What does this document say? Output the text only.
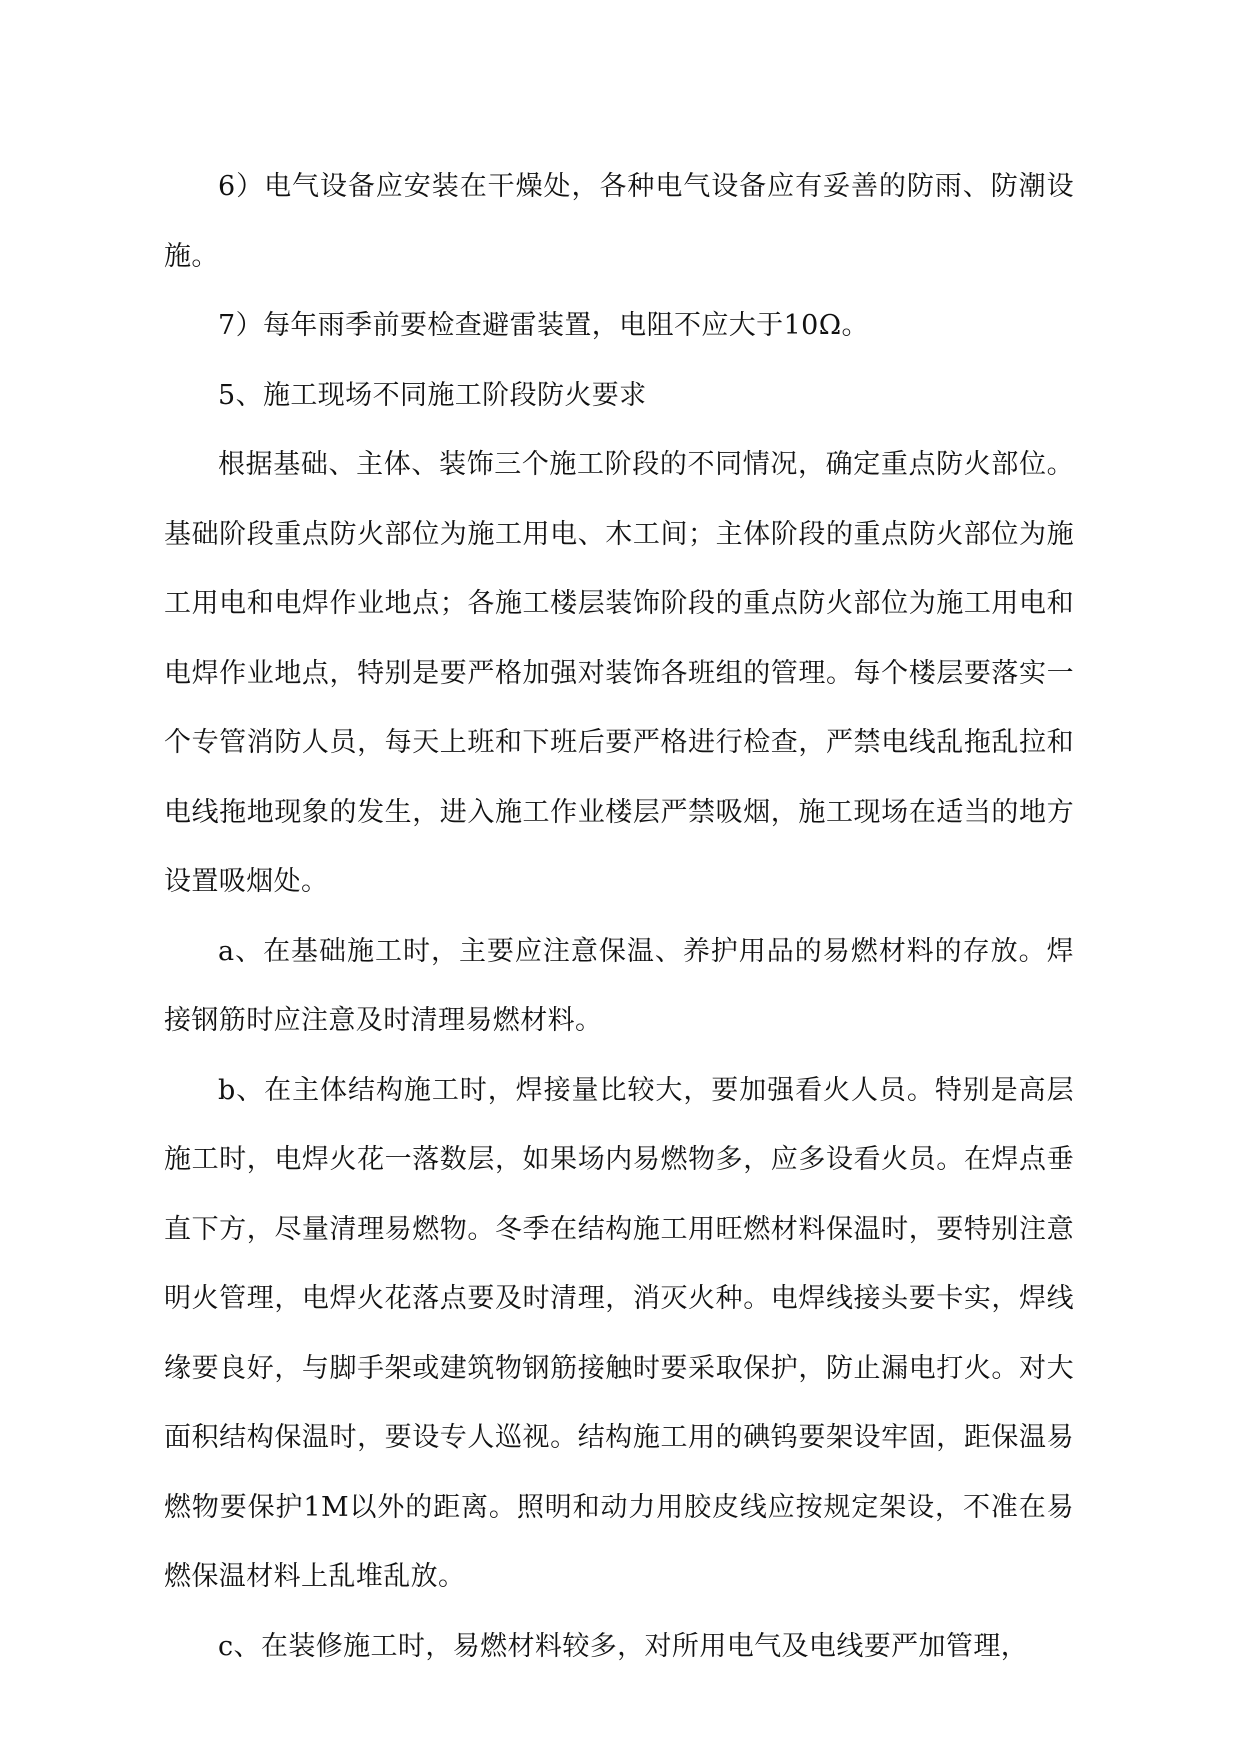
6）电气设备应安装在干燥处，各种电气设备应有妥善的防雨、防潮设施。

7）每年雨季前要检查避雷装置，电阻不应大于10Ω。

5、施工现场不同施工阶段防火要求

根据基础、主体、装饰三个施工阶段的不同情况，确定重点防火部位。基础阶段重点防火部位为施工用电、木工间；主体阶段的重点防火部位为施工用电和电焊作业地点；各施工楼层装饰阶段的重点防火部位为施工用电和电焊作业地点，特别是要严格加强对装饰各班组的管理。每个楼层要落实一个专管消防人员，每天上班和下班后要严格进行检查，严禁电线乱拖乱拉和电线拖地现象的发生，进入施工作业楼层严禁吸烟，施工现场在适当的地方设置吸烟处。

a、在基础施工时，主要应注意保温、养护用品的易燃材料的存放。焊接钢筋时应注意及时清理易燃材料。

b、在主体结构施工时，焊接量比较大，要加强看火人员。特别是高层施工时，电焊火花一落数层，如果场内易燃物多，应多设看火员。在焊点垂直下方，尽量清理易燃物。冬季在结构施工用旺燃材料保温时，要特别注意明火管理，电焊火花落点要及时清理，消灭火种。电焊线接头要卡实，焊线缘要良好，与脚手架或建筑物钢筋接触时要采取保护，防止漏电打火。对大面积结构保温时，要设专人巡视。结构施工用的碘钨要架设牢固，距保温易燃物要保护1M以外的距离。照明和动力用胶皮线应按规定架设，不准在易燃保温材料上乱堆乱放。

c、在装修施工时，易燃材料较多，对所用电气及电线要严加管理，
